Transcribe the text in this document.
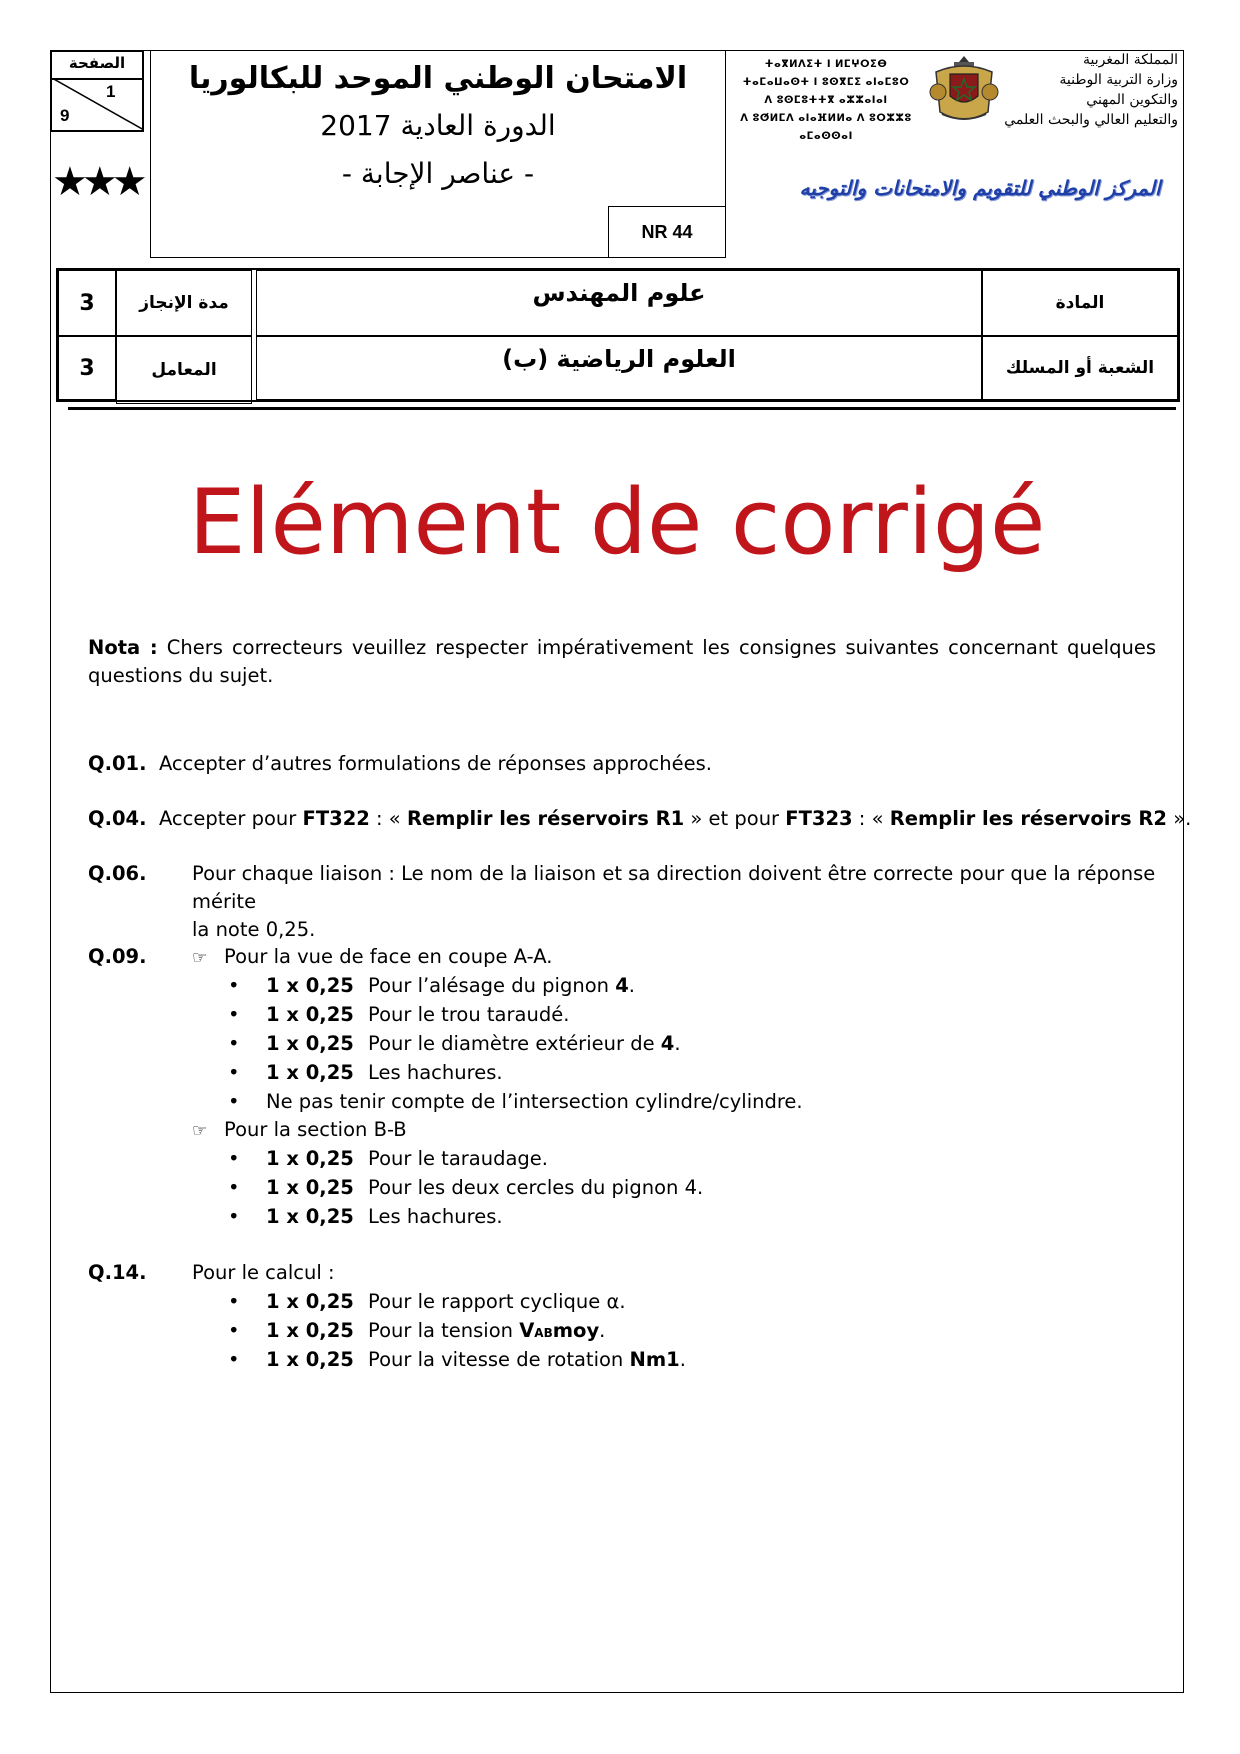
الصفحة
1
9
★★★
الامتحان الوطني الموحد للبكالوريا
الدورة العادية 2017
- عناصر الإجابة -
NR 44
ⵜⴰⴳⵍⴷⵉⵜ ⵏ ⵍⵎⵖⵔⵉⴱ
ⵜⴰⵎⴰⵡⴰⵙⵜ ⵏ ⵓⵙⴳⵎⵉ ⴰⵏⴰⵎⵓⵔ
ⴷ ⵓⵙⵎⵓⵜⵜⴳ ⴰⵣⵣⴰⵏⴰⵏ
ⴷ ⵓⵚⵍⵎⴷ ⴰⵏⴰⴼⵍⵍⴰ ⴷ ⵓⵔⵣⵣⵓ ⴰⵎⴰⵙⵙⴰⵏ
المملكة المغربية
وزارة التربية الوطنية
والتكوين المهني
والتعليم العالي والبحث العلمي
المركز الوطني للتقويم والامتحانات والتوجيه
3	مدة الإنجاز	علوم المهندس	المادة
3	المعامل	العلوم الرياضية (ب)	الشعبة أو المسلك
Elément de corrigé
Nota : Chers correcteurs veuillez respecter impérativement les consignes suivantes concernant quelques questions du sujet.
Q.01. Accepter d’autres formulations de réponses approchées.
Q.04. Accepter pour FT322 : « Remplir les réservoirs R1 » et pour FT323 : « Remplir les réservoirs R2 ».
Q.06. Pour chaque liaison : Le nom de la liaison et sa direction doivent être correcte pour que la réponse mérite
la note 0,25.
Q.09.	☞ Pour la vue de face en coupe A-A.
• 1 x 0,25 Pour l’alésage du pignon 4.
• 1 x 0,25 Pour le trou taraudé.
• 1 x 0,25 Pour le diamètre extérieur de 4.
• 1 x 0,25 Les hachures.
• Ne pas tenir compte de l’intersection cylindre/cylindre.
☞ Pour la section B-B
• 1 x 0,25 Pour le taraudage.
• 1 x 0,25 Pour les deux cercles du pignon 4.
• 1 x 0,25 Les hachures.
Q.14. Pour le calcul :
• 1 x 0,25 Pour le rapport cyclique α.
• 1 x 0,25 Pour la tension VABmoy.
• 1 x 0,25 Pour la vitesse de rotation Nm1.
